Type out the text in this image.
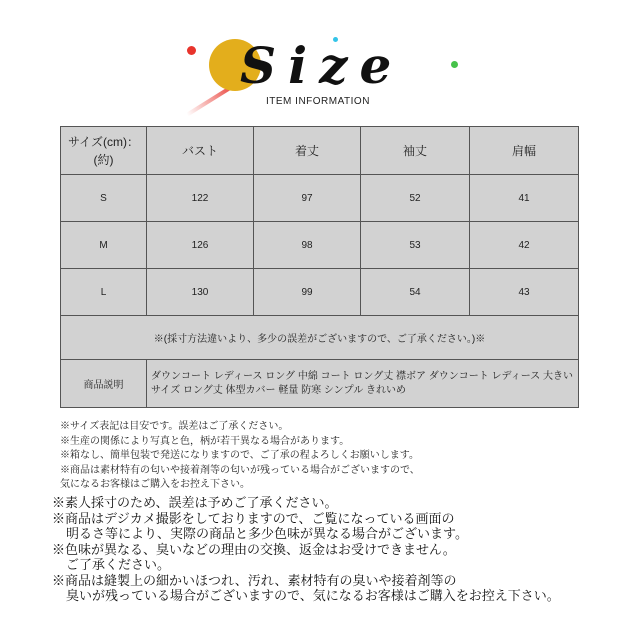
Size
ITEM INFORMATION
サイズ(cm)：
(約)	バスト	着丈	袖丈	肩幅
S	122	97	52	41
M	126	98	53	42
L	130	99	54	43
※(採寸方法違いより、多少の誤差がございますので、ご了承ください。)※				
商品説明	ダウンコート レディース ロング 中綿 コート ロング丈 襟ボア ダウンコート レディース 大きい
サイズ ロング丈 体型カバー 軽量 防寒 シンプル きれいめ			
※サイズ表記は目安です。誤差はご了承ください。
※生産の関係により写真と色，柄が若干異なる場合があります。
※箱なし、簡単包装で発送になりますので、ご了承の程よろしくお願いします。
※商品は素材特有の匂いや接着剤等の匂いが残っている場合がございますので、
気になるお客様はご購入をお控え下さい。
※素人採寸のため、誤差は予めご了承ください。
※商品はデジカメ撮影をしておりますので、ご覧になっている画面の
明るさ等により、実際の商品と多少色味が異なる場合がございます。
※色味が異なる、臭いなどの理由の交換、返金はお受けできません。
ご了承ください。
※商品は縫製上の細かいほつれ、汚れ、素材特有の臭いや接着剤等の
臭いが残っている場合がございますので、気になるお客様はご購入をお控え下さい。
